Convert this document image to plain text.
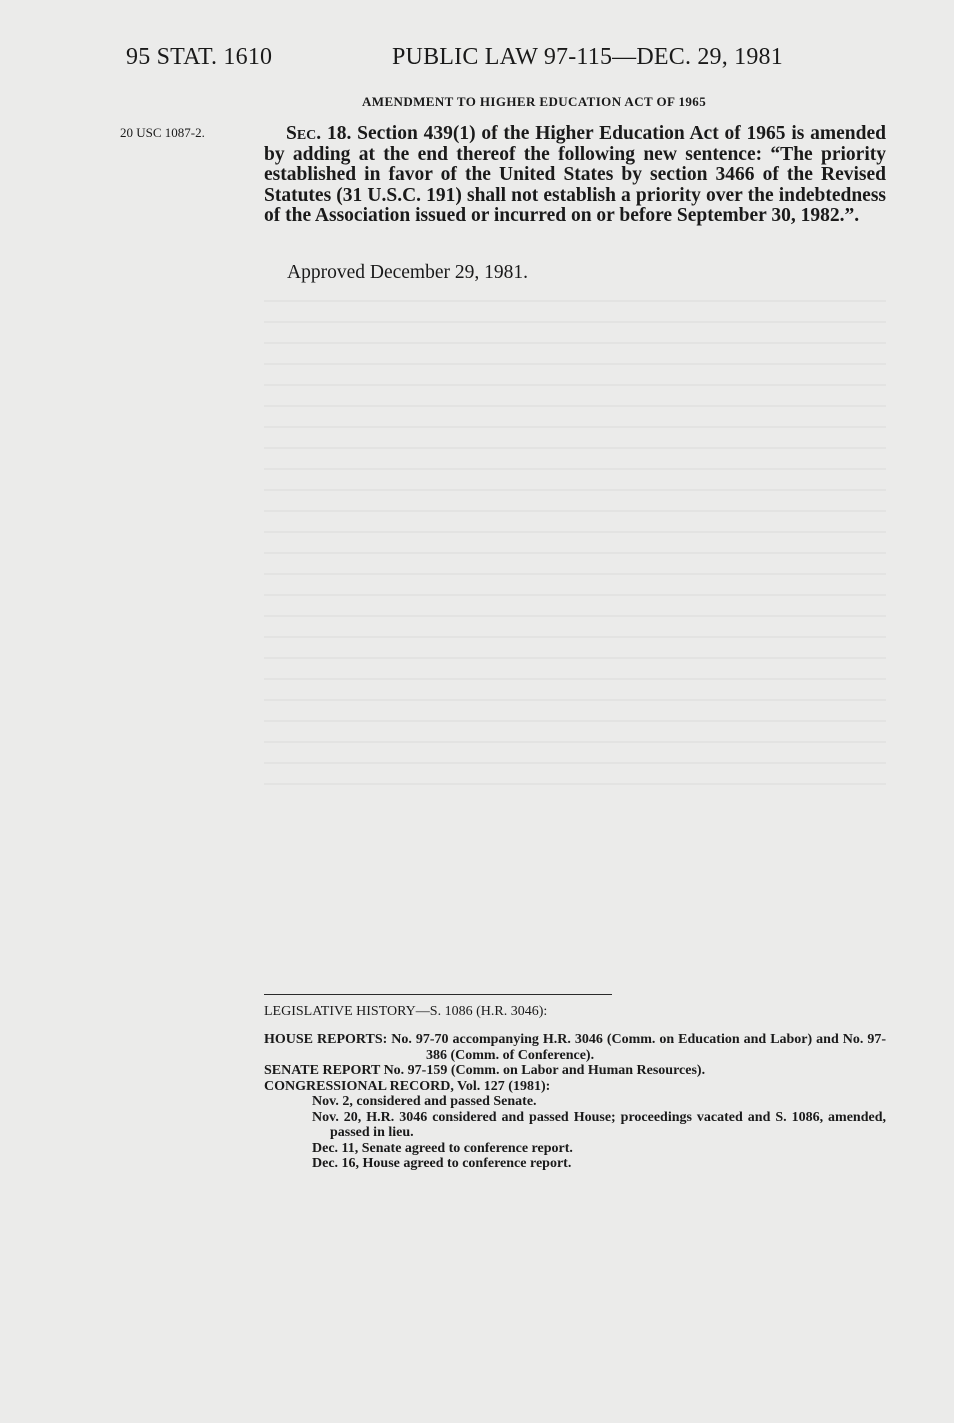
95 STAT. 1610	PUBLIC LAW 97-115—DEC. 29, 1981
AMENDMENT TO HIGHER EDUCATION ACT OF 1965
20 USC 1087-2.	Sec. 18. Section 439(1) of the Higher Education Act of 1965 is amended by adding at the end thereof the following new sentence: “The priority established in favor of the United States by section 3466 of the Revised Statutes (31 U.S.C. 191) shall not establish a priority over the indebtedness of the Association issued or incurred on or before September 30, 1982.”.
Approved December 29, 1981.
LEGISLATIVE HISTORY—S. 1086 (H.R. 3046):
HOUSE REPORTS: No. 97-70 accompanying H.R. 3046 (Comm. on Education and Labor) and No. 97-386 (Comm. of Conference).
SENATE REPORT No. 97-159 (Comm. on Labor and Human Resources).
CONGRESSIONAL RECORD, Vol. 127 (1981):
Nov. 2, considered and passed Senate.
Nov. 20, H.R. 3046 considered and passed House; proceedings vacated and S. 1086, amended, passed in lieu.
Dec. 11, Senate agreed to conference report.
Dec. 16, House agreed to conference report.
